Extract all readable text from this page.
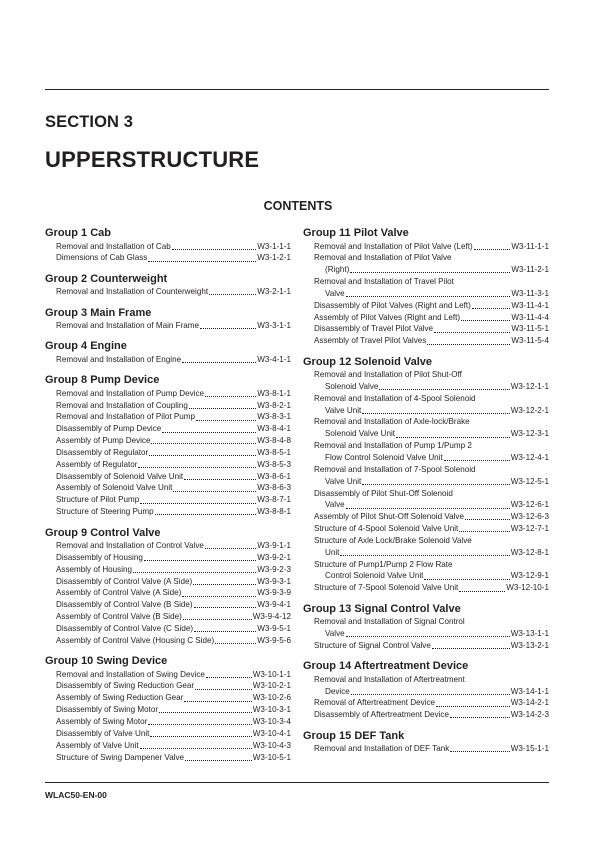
SECTION 3
UPPERSTRUCTURE
CONTENTS
Group 1 Cab
Removal and Installation of Cab	W3-1-1-1
Dimensions of Cab Glass	W3-1-2-1
Group 2 Counterweight
Removal and Installation of Counterweight	W3-2-1-1
Group 3 Main Frame
Removal and Installation of Main Frame	W3-3-1-1
Group 4 Engine
Removal and Installation of Engine	W3-4-1-1
Group 8 Pump Device
Removal and Installation of Pump Device	W3-8-1-1
Removal and Installation of Coupling	W3-8-2-1
Removal and Installation of Pilot Pump	W3-8-3-1
Disassembly of Pump Device	W3-8-4-1
Assembly of Pump Device	W3-8-4-8
Disassembly of Regulator	W3-8-5-1
Assembly of Regulator	W3-8-5-3
Disassembly of Solenoid Valve Unit	W3-8-6-1
Assembly of Solenoid Valve Unit	W3-8-6-3
Structure of Pilot Pump	W3-8-7-1
Structure of Steering Pump	W3-8-8-1
Group 9 Control Valve
Removal and Installation of Control Valve	W3-9-1-1
Disassembly of Housing	W3-9-2-1
Assembly of Housing	W3-9-2-3
Disassembly of Control Valve (A Side)	W3-9-3-1
Assembly of Control Valve (A Side)	W3-9-3-9
Disassembly of Control Valve (B Side)	W3-9-4-1
Assembly of Control Valve (B Side)	W3-9-4-12
Disassembly of Control Valve (C Side)	W3-9-5-1
Assembly of Control Valve (Housing C Side)	W3-9-5-6
Group 10 Swing Device
Removal and Installation of Swing Device	W3-10-1-1
Disassembly of Swing Reduction Gear	W3-10-2-1
Assembly of Swing Reduction Gear	W3-10-2-6
Disassembly of Swing Motor	W3-10-3-1
Assembly of Swing Motor	W3-10-3-4
Disassembly of Valve Unit	W3-10-4-1
Assembly of Valve Unit	W3-10-4-3
Structure of Swing Dampener Valve	W3-10-5-1
Group 11 Pilot Valve
Removal and Installation of Pilot Valve (Left)	W3-11-1-1
Removal and Installation of Pilot Valve
(Right)	W3-11-2-1
Removal and Installation of Travel Pilot
Valve	W3-11-3-1
Disassembly of Pilot Valves (Right and Left)	W3-11-4-1
Assembly of Pilot Valves (Right and Left)	W3-11-4-4
Disassembly of Travel Pilot Valve	W3-11-5-1
Assembly of Travel Pilot Valves	W3-11-5-4
Group 12 Solenoid Valve
Removal and Installation of Pilot Shut-Off
Solenoid Valve	W3-12-1-1
Removal and Installation of 4-Spool Solenoid
Valve Unit	W3-12-2-1
Removal and Installation of Axle-lock/Brake
Solenoid Valve Unit	W3-12-3-1
Removal and Installation of Pump 1/Pump 2
Flow Control Solenoid Valve Unit	W3-12-4-1
Removal and Installation of 7-Spool Solenoid
Valve Unit	W3-12-5-1
Disassembly of Pilot Shut-Off Solenoid
Valve	W3-12-6-1
Assembly of Pilot Shut-Off Solenoid Valve	W3-12-6-3
Structure of 4-Spool Solenoid Valve Unit	W3-12-7-1
Structure of Axle Lock/Brake Solenoid Valve
Unit	W3-12-8-1
Structure of Pump1/Pump 2 Flow Rate
Control Solenoid Valve Unit	W3-12-9-1
Structure of 7-Spool Solenoid Valve Unit	W3-12-10-1
Group 13 Signal Control Valve
Removal and Installation of Signal Control
Valve	W3-13-1-1
Structure of Signal Control Valve	W3-13-2-1
Group 14 Aftertreatment Device
Removal and Installation of Aftertreatment
Device	W3-14-1-1
Removal of Aftertreatment Device	W3-14-2-1
Disassembly of Aftertreatment Device	W3-14-2-3
Group 15 DEF Tank
Removal and Installation of DEF Tank	W3-15-1-1
WLAC50-EN-00
